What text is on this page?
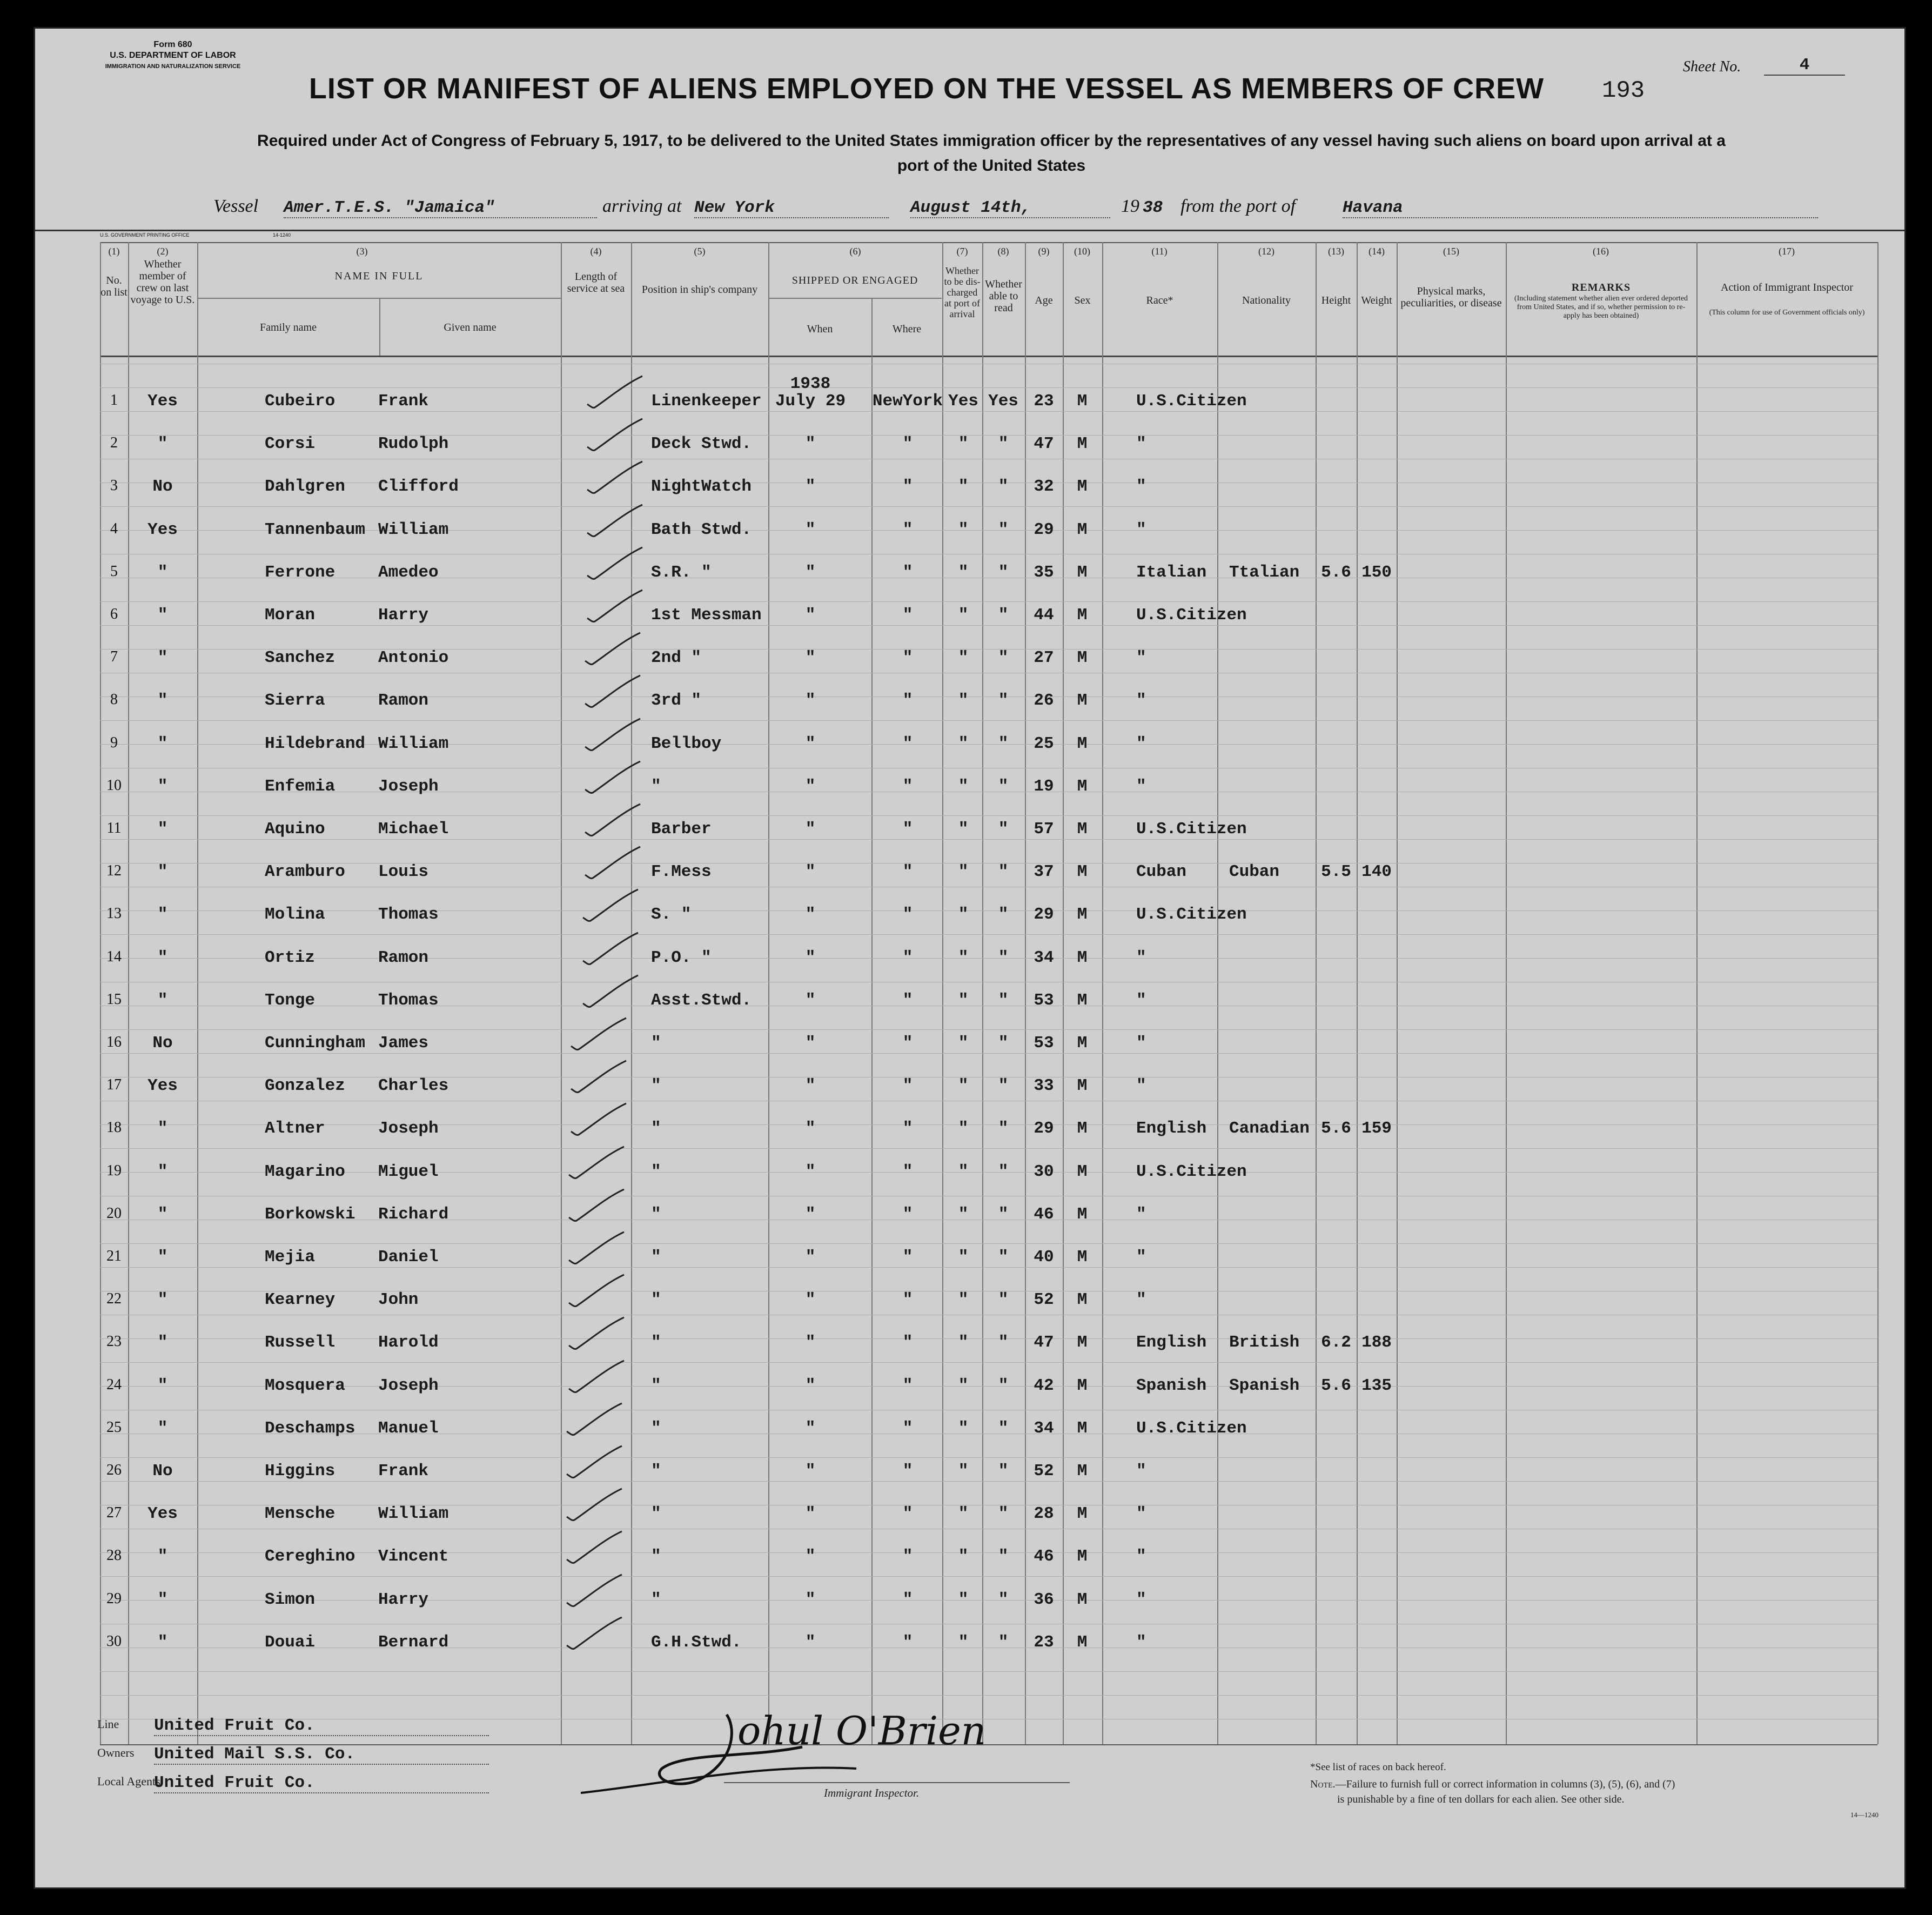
Form 680
U.S. DEPARTMENT OF LABOR
IMMIGRATION AND NATURALIZATION SERVICE	Sheet No.	4
LIST OR MANIFEST OF ALIENS EMPLOYED ON THE VESSEL AS MEMBERS OF CREW	193
Required under Act of Congress of February 5, 1917, to be delivered to the United States immigration officer by the representatives of any vessel having such aliens on board upon arrival at a
port of the United States
Vessel Amer.T.E.S. "Jamaica"	arriving at New York	August 14th,	19 38 from the port of	Havana
U.S. GOVERNMENT PRINTING OFFICE	14-1240
(1)	(2)	(3)	(4)	(5)	(6)	(7)	(8)	(9)	(10)	(11)	(12)	(13)	(14)	(15)	(16)	(17)
No. on list
Whether member of crew on last voyage to U.S.
NAME IN FULL
Family name	Given name
Length of service at sea	Position in ship's company
SHIPPED OR ENGAGED
When	Where
Whether to be dis-charged at port of arrival
Whether able to read
Age	Sex	Race*	Nationality	Height Weight
Physical marks, peculiarities, or disease
REMARKS
(Including statement whether alien ever ordered deported from United States, and if so, whether permission to re-apply has been obtained)
Action of Immigrant Inspector
(This column for use of Government officials only)
1	Yes	Cubeiro	Frank	Linenkeeper July 29	NewYork Yes Yes 23	M	U.S.Citizen
1938
2	"	Corsi	Rudolph	Deck Stwd.	"	"	"	"	47	M	"
3	No	Dahlgren Clifford	NightWatch	"	"	"	"	32	M	"
4	Yes	Tannenbaum William	Bath Stwd.	"	"	"	"	29	M	"
5	"	Ferrone	Amedeo	S.R. "	"	"	"	"	35	M	Italian Ttalian	5.6 150
6	"	Moran	Harry	1st Messman	"	"	"	"	44	M	U.S.Citizen
7	"	Sanchez	Antonio	2nd "	"	"	"	"	27	M	"
8	"	Sierra	Ramon	3rd "	"	"	"	"	26	M	"
9	"	Hildebrand William	Bellboy	"	"	"	"	25	M	"
10	"	Enfemia	Joseph	"	"	"	"	"	19	M	"
11	"	Aquino	Michael	Barber	"	"	"	"	57	M	U.S.Citizen
12	"	Aramburo Louis	F.Mess	"	"	"	"	37	M	Cuban	Cuban	5.5 140
13	"	Molina	Thomas	S. "	"	"	"	"	29	M	U.S.Citizen
14	"	Ortiz	Ramon	P.O. "	"	"	"	"	34	M	"
15	"	Tonge	Thomas	Asst.Stwd.	"	"	"	"	53	M	"
16	No	Cunningham James	"	"	"	"	"	53	M	"
17	Yes	Gonzalez Charles	"	"	"	"	"	33	M	"
18	"	Altner	Joseph	"	"	"	"	"	29	M	English Canadian 5.6 159
19	"	Magarino Miguel	"	"	"	"	"	30	M	U.S.Citizen
20	"	Borkowski Richard	"	"	"	"	"	46	M	"
21	"	Mejia	Daniel	"	"	"	"	"	40	M	"
22	"	Kearney	John	"	"	"	"	"	52	M	"
23	"	Russell	Harold	"	"	"	"	"	47	M	English British	6.2 188
24	"	Mosquera Joseph	"	"	"	"	"	42	M	Spanish Spanish	5.6 135
25	"	Deschamps Manuel	"	"	"	"	"	34	M	U.S.Citizen
26	No	Higgins	Frank	"	"	"	"	"	52	M	"
27	Yes	Mensche	William	"	"	"	"	"	28	M	"
28	"	Cereghino Vincent	"	"	"	"	"	46	M	"
29	"	Simon	Harry	"	"	"	"	"	36	M	"
30	"	Douai	Bernard	G.H.Stwd.	"	"	"	"	23	M	"
Line United Fruit Co.
Owners United Mail S.S. Co.
Local Agents
United Fruit Co.
ohul O'Brien
Immigrant Inspector.
*See list of races on back hereof.
Note.—Failure to furnish full or correct information in columns (3), (5), (6), and (7)
is punishable by a fine of ten dollars for each alien. See other side.
14—1240
